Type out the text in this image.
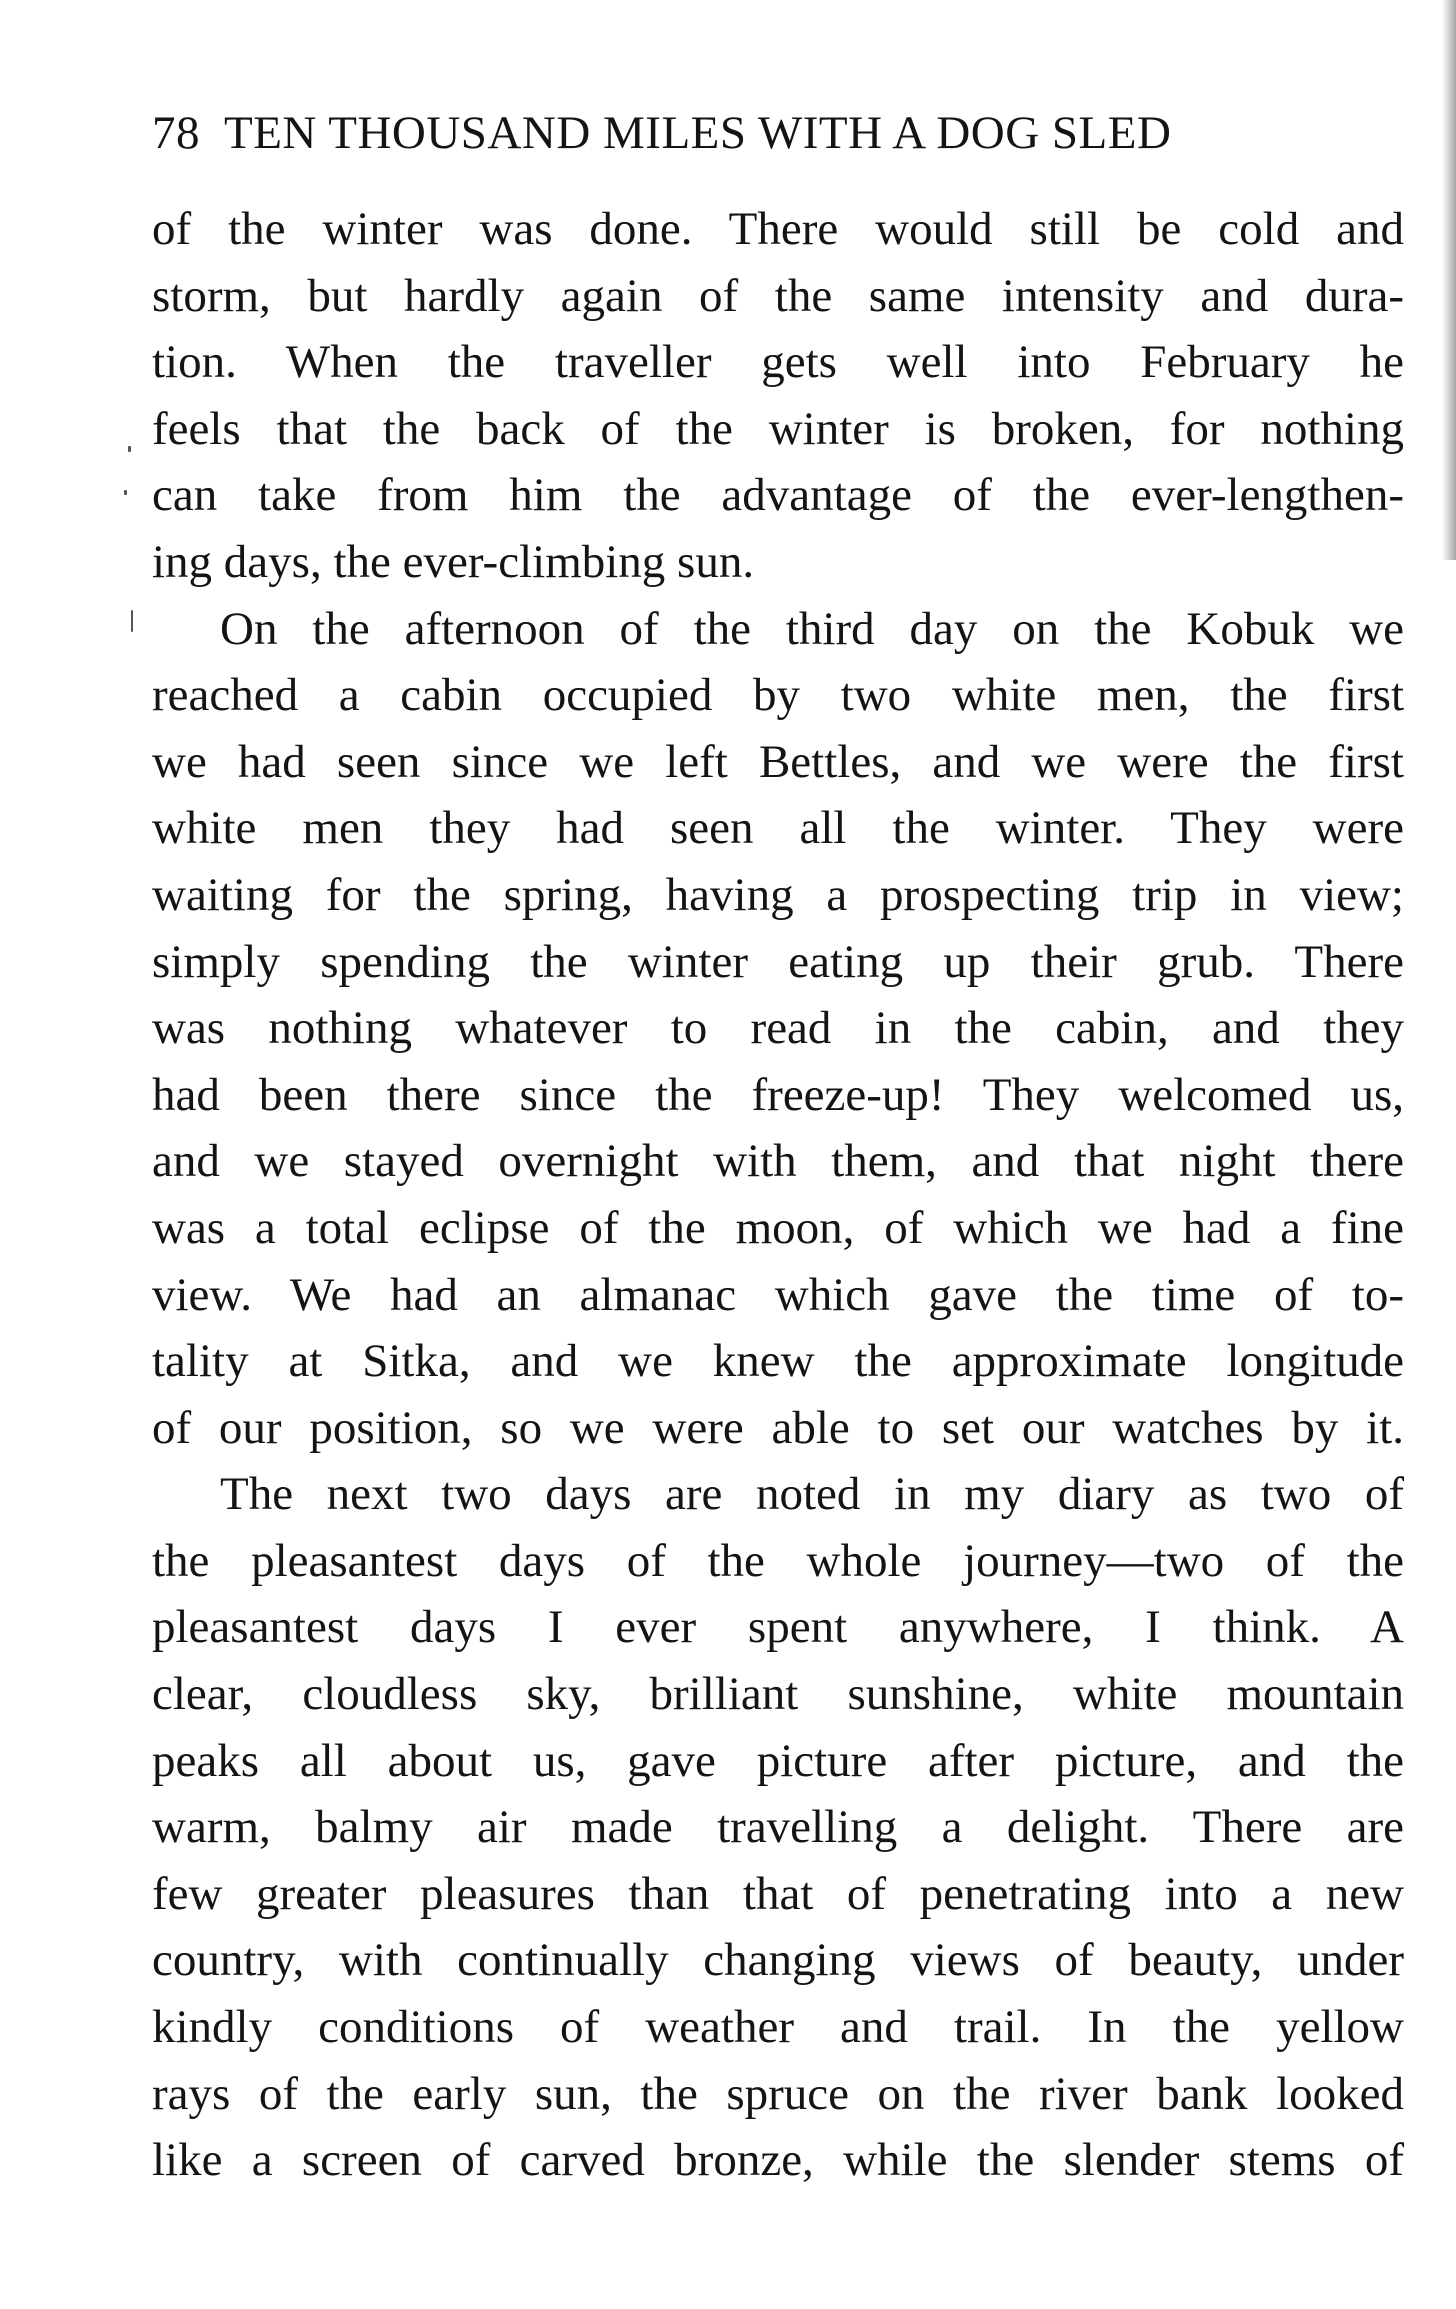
78 TEN THOUSAND MILES WITH A DOG SLED
of the winter was done. There would still be cold and
storm, but hardly again of the same intensity and dura-
tion. When the traveller gets well into February he
feels that the back of the winter is broken, for nothing
can take from him the advantage of the ever-lengthen-
ing days, the ever-climbing sun.
On the afternoon of the third day on the Kobuk we
reached a cabin occupied by two white men, the first
we had seen since we left Bettles, and we were the first
white men they had seen all the winter. They were
waiting for the spring, having a prospecting trip in view;
simply spending the winter eating up their grub. There
was nothing whatever to read in the cabin, and they
had been there since the freeze-up! They welcomed us,
and we stayed overnight with them, and that night there
was a total eclipse of the moon, of which we had a fine
view. We had an almanac which gave the time of to-
tality at Sitka, and we knew the approximate longitude
of our position, so we were able to set our watches by it.
The next two days are noted in my diary as two of
the pleasantest days of the whole journey—two of the
pleasantest days I ever spent anywhere, I think. A
clear, cloudless sky, brilliant sunshine, white mountain
peaks all about us, gave picture after picture, and the
warm, balmy air made travelling a delight. There are
few greater pleasures than that of penetrating into a new
country, with continually changing views of beauty, under
kindly conditions of weather and trail. In the yellow
rays of the early sun, the spruce on the river bank looked
like a screen of carved bronze, while the slender stems of
